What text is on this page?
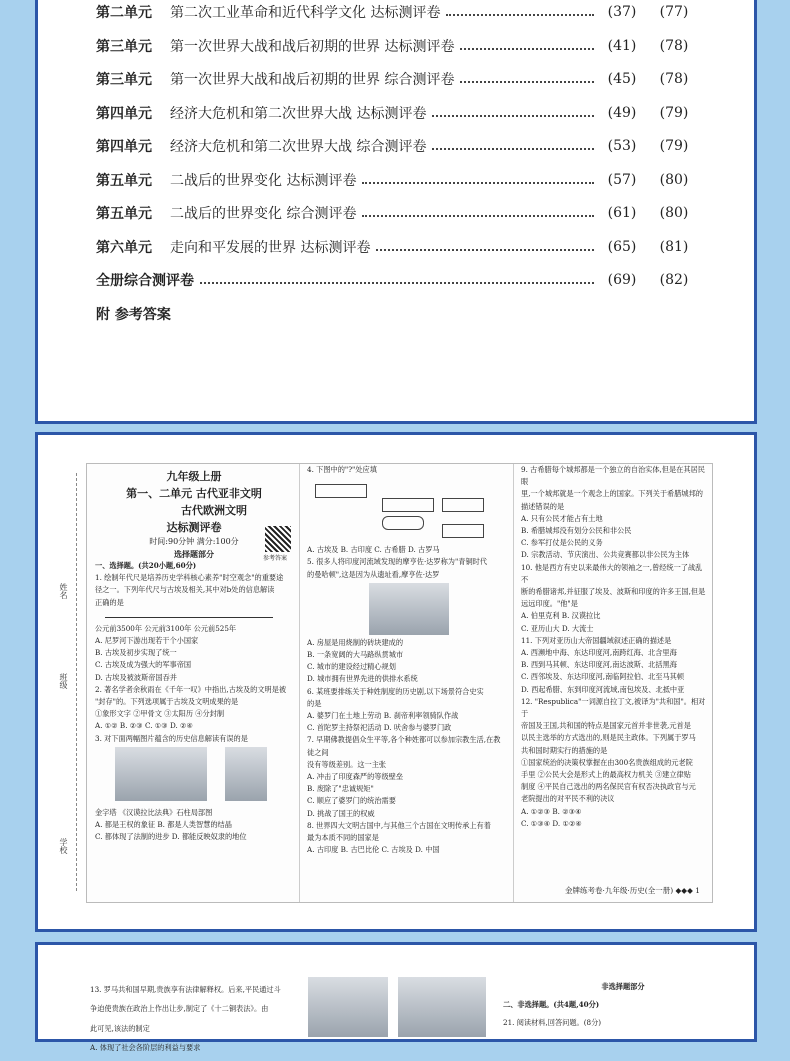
第二单元	第二次工业革命和近代科学文化 达标测评卷	(37)	(77)
第三单元	第一次世界大战和战后初期的世界 达标测评卷	(41)	(78)
第三单元	第一次世界大战和战后初期的世界 综合测评卷	(45)	(78)
第四单元	经济大危机和第二次世界大战 达标测评卷	(49)	(79)
第四单元	经济大危机和第二次世界大战 综合测评卷	(53)	(79)
第五单元	二战后的世界变化 达标测评卷	(57)	(80)
第五单元	二战后的世界变化 综合测评卷	(61)	(80)
第六单元	走向和平发展的世界 达标测评卷	(65)	(81)
全册综合测评卷	(69)	(82)
附 参考答案
姓名
班级
学校

九年级上册

第一、二单元 古代亚非文明

古代欧洲文明

达标测评卷

时间:90分钟 满分:100分

参考答案

选择题部分

一、选择题。(共20小题,60分)

1. 绘制年代尺是培养历史学科核心素养"时空观念"的重要途

径之一。下列年代尺与古埃及相关,其中对b处的信息解读

正确的是

公元前3500年 公元前3100年 公元前525年

A. 尼罗河下游出现若干个小国家

B. 古埃及初步实现了统一

C. 古埃及成为强大的军事帝国

D. 古埃及被波斯帝国吞并

2. 著名学者余秋雨在《千年一叹》中指出,古埃及的文明是被

"封存"的。下列选项属于古埃及文明成果的是

①象形文字 ②甲骨文 ③太阳历 ④分封制

A. ①② B. ②③ C. ①③ D. ②④

3. 对下面两幅图片蕴含的历史信息解读有误的是

金字塔 《汉谟拉比法典》石柱局部图

A. 都是王权的象征 B. 都是人类智慧的结晶

C. 都体现了法制的进步 D. 都能反映奴隶的地位

4. 下图中的"?"处应填

A. 古埃及 B. 古印度 C. 古希腊 D. 古罗马

5. 很多人将印度河流域发现的摩亨佐·达罗称为"青铜时代

的曼哈顿",这是因为从遗址看,摩亨佐·达罗

A. 房屋是用烧制的砖块建成的

B. 一条宽阔的大马路纵贯城市

C. 城市的建设经过精心规划

D. 城市拥有世界先进的供排水系统

6. 某班要排练关于种姓制度的历史剧,以下场景符合史实

的是

A. 婆罗门在土地上劳动 B. 刹帝利率领骑队作战

C. 首陀罗主持祭祀活动 D. 吠舍参与婆罗门政

7. 早期佛教提倡众生平等,各个种姓都可以参加宗教生活,在教徒之间

没有等级差别。这一主张

A. 冲击了印度森严的等级壁垒

B. 废除了"忠诚规矩"

C. 顺应了婆罗门的统治需要

D. 挑战了国王的权威

8. 世界四大文明古国中,与其他三个古国在文明传承上有着

最为本质不同的国家是

A. 古印度 B. 古巴比伦 C. 古埃及 D. 中国

9. 古希腊每个城邦都是一个独立的自治实体,但是在其居民眼

里,一个城邦就是一个观念上的国家。下列关于希腊城邦的

描述错误的是

A. 只有公民才能占有土地

B. 希腊城邦没有划分公民和非公民

C. 参军打仗是公民的义务

D. 宗教活动、节庆演出、公共竞赛都以非公民为主体

10. 他是西方有史以来最伟大的领袖之一,曾经统一了战乱不

断的希腊诸邦,并征服了埃及、波斯和印度的许多王国,但是

远远印度。"他"是

A. 伯里克利 B. 汉谟拉比

C. 亚历山大 D. 大流士

11. 下列对亚历山大帝国疆域叙述正确的描述是

A. 西濒地中海、东达印度河,南跨红海、北含里海

B. 西到马其顿、东达印度河,南达波斯、北括黑海

C. 西邻埃及、东达印度河,南临阿拉伯、北至马其顿

D. 西起希腊、东到印度河流域,南包埃及、北抵中亚

12. "Respublica"一词源自拉丁文,被译为"共和国"。相对于

帝国及王国,共和国的特点是国家元首并非世袭,元首是

以民主选举的方式选出的,则是民主政体。下列属于罗马

共和国时期实行的措施的是

①国家统治的决策权掌握在由300名贵族组成的元老院

手里 ②公民大会是形式上的最高权力机关 ③建立律贴

制度 ④平民自己选出的两名保民官有权否决执政官与元

老院提出的对平民不利的决议

A. ①②③ B. ②③④

C. ①③④ D. ①②④

金牌练考卷·九年级·历史(全一册) ◆◆◆ 1

13. 罗马共和国早期,贵族享有法律解释权。后来,平民通过斗

争迫使贵族在政治上作出让步,制定了《十二铜表法》。由

此可见,该法的制定

A. 体现了社会各阶层的利益与要求

非选择题部分

二、非选择题。(共4题,40分)

21. 阅读材料,回答问题。(8分)
